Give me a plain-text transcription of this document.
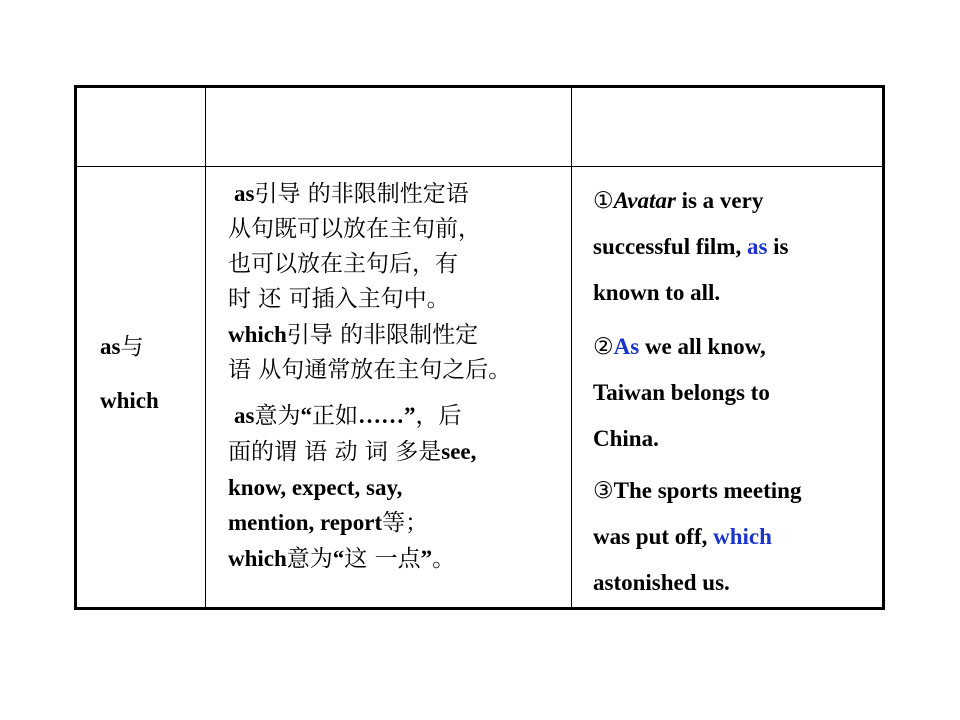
as与
which
as引导 的非限制性定语
从句既可以放在主句前，
也可以放在主句后，有
时 还 可插入主句中。
which引导 的非限制性定
语 从句通常放在主句之后。
as意为“正如……”，后
面的谓 语 动 词 多是see,
know, expect, say,
mention, report等；
which意为“这 一点”。
①Avatar is a very
successful film, as is
known to all.
②As we all know,
Taiwan belongs to
China.
③The sports meeting
was put off, which
astonished us.
